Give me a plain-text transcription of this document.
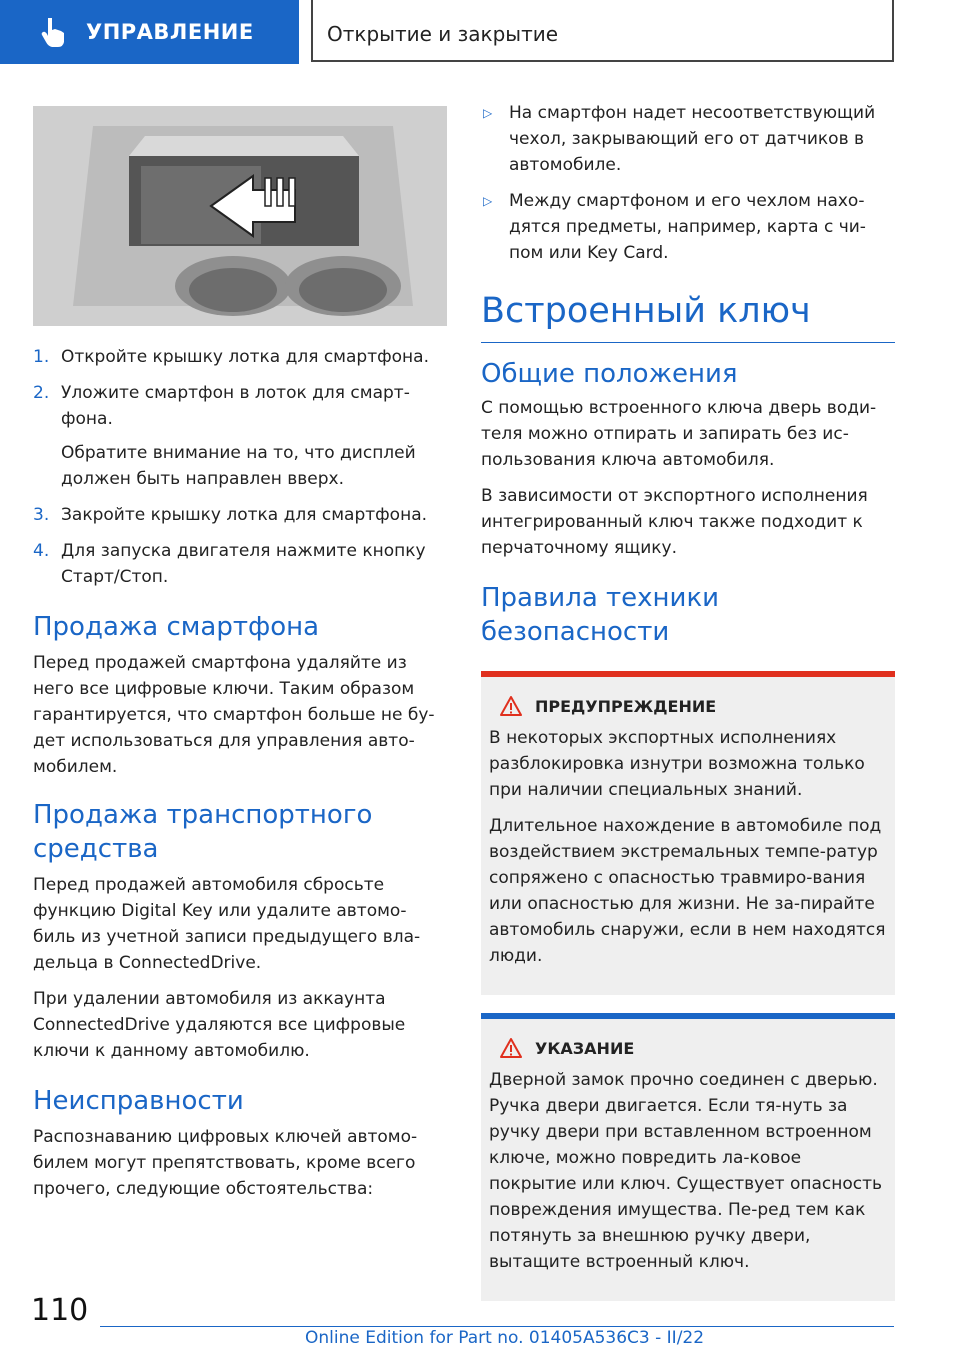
УПРАВЛЕНИЕ	Открытие и закрытие
1. Откройте крышку лотка для смартфона.
2. Уложите смартфон в лоток для смарт-фона.
Обратите внимание на то, что дисплей должен быть направлен вверх.
3. Закройте крышку лотка для смартфона.
4. Для запуска двигателя нажмите кнопку Старт/Стоп.
Продажа смартфона

Перед продажей смартфона удаляйте из него все цифровые ключи. Таким образом гарантируется, что смартфон больше не бу-дет использоваться для управления авто-мобилем.

Продажа транспортного средства

Перед продажей автомобиля сбросьте функцию Digital Key или удалите автомо-биль из учетной записи предыдущего вла-дельца в ConnectedDrive.

При удалении автомобиля из аккаунта ConnectedDrive удаляются все цифровые ключи к данному автомобилю.

Неисправности

Распознаванию цифровых ключей автомо-билем могут препятствовать, кроме всего прочего, следующие обстоятельства:

▷ На смартфон надет несоответствующий чехол, закрывающий его от датчиков в автомобиле.
▷ Между смартфоном и его чехлом нахо-дятся предметы, например, карта с чи-пом или Key Card.
Встроенный ключ
Общие положения

С помощью встроенного ключа дверь води-теля можно отпирать и запирать без ис-пользования ключа автомобиля.

В зависимости от экспортного исполнения интегрированный ключ также подходит к перчаточному ящику.

Правила техники безопасности
ПРЕДУПРЕЖДЕНИЕ

В некоторых экспортных исполнениях разблокировка изнутри возможна только при наличии специальных знаний.

Длительное нахождение в автомобиле под воздействием экстремальных темпе-ратур сопряжено с опасностью травмиро-вания или опасностью для жизни. Не за-пирайте автомобиль снаружи, если в нем находятся люди.

УКАЗАНИЕ

Дверной замок прочно соединен с дверью. Ручка двери двигается. Если тя-нуть за ручку двери при вставленном встроенном ключе, можно повредить ла-ковое покрытие или ключ. Существует опасность повреждения имущества. Пе-ред тем как потянуть за внешнюю ручку двери, вытащите встроенный ключ.

110
Online Edition for Part no. 01405A536C3 - II/22
